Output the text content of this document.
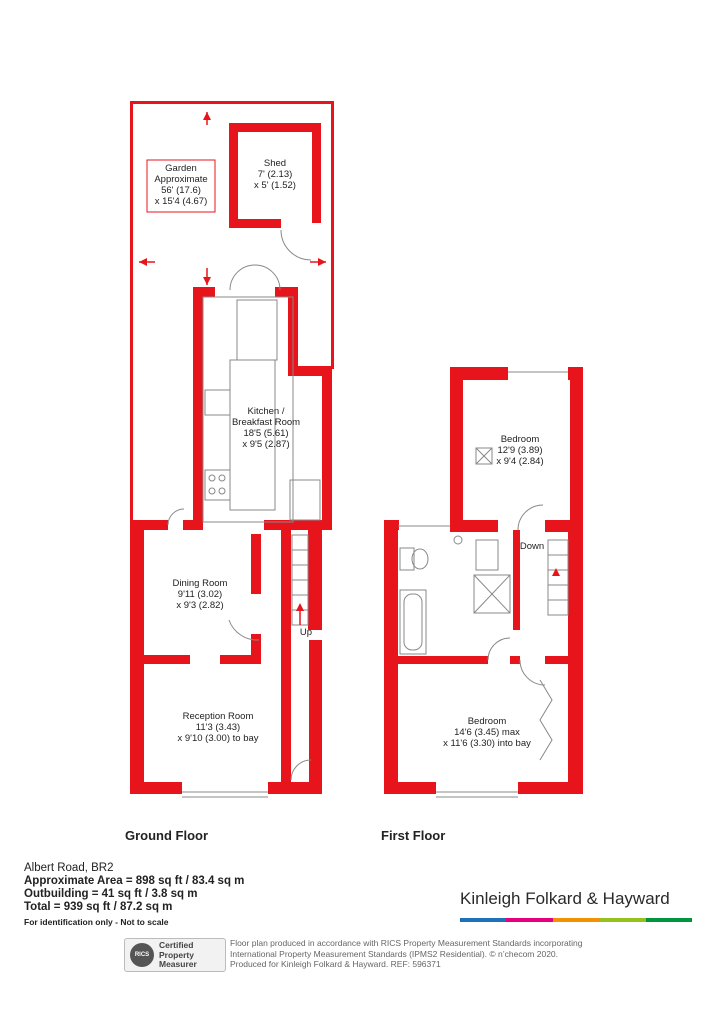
Garden
Approximate
56' (17.6)
x 15'4 (4.67)
Shed
7' (2.13)
x 5' (1.52)
Kitchen /
Breakfast Room
18'5 (5.61)
x 9'5 (2.87)
Dining Room
9'11 (3.02)
x 9'3 (2.82)
Reception Room
11'3 (3.43)
x 9'10 (3.00) to bay
Up
Bedroom
12'9 (3.89)
x 9'4 (2.84)
Bedroom
14'6 (3.45) max
x 11'6 (3.30) into bay
Down
Ground Floor	First Floor
Albert Road, BR2
Approximate Area = 898 sq ft / 83.4 sq m
Outbuilding = 41 sq ft / 3.8 sq m
Total = 939 sq ft / 87.2 sq m
For identification only - Not to scale
Kinleigh Folkard & Hayward
RICS
Certified
Property
Measurer
Floor plan produced in accordance with RICS Property Measurement Standards incorporating
International Property Measurement Standards (IPMS2 Residential). © n’checom 2020.
Produced for Kinleigh Folkard & Hayward. REF: 596371
